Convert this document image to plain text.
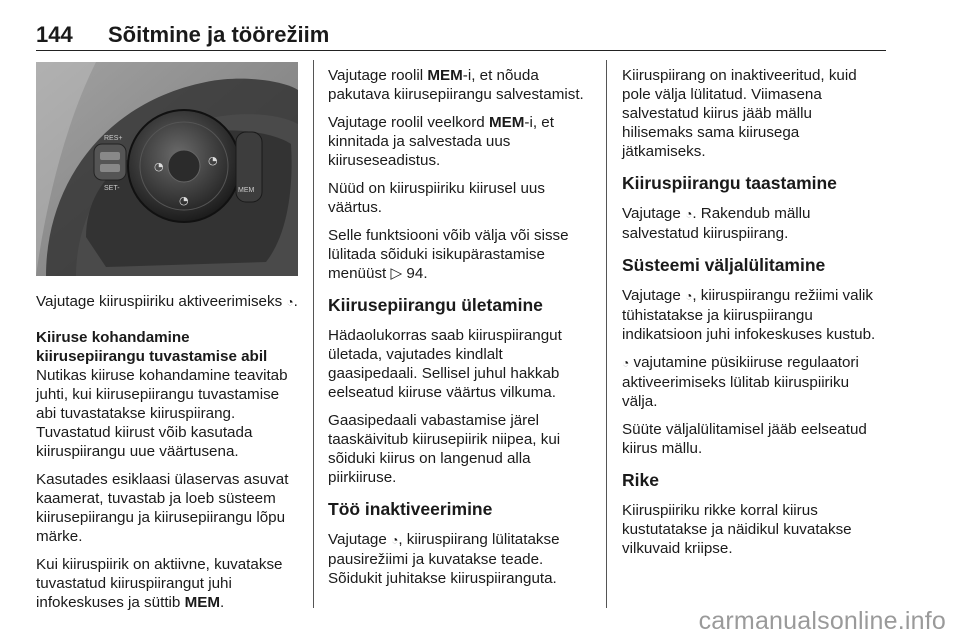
144 Sõitmine ja töörežiim
RES+
SET-
◔	◔
◔
MEM

Vajutage kiiruspiiriku aktiveerimiseks ◔.

Kiiruse kohandamine kiirusepiirangu tuvastamise abil

Nutikas kiiruse kohandamine teavitab juhti, kui kiirusepiirangu tuvastamise abi tuvastatakse kiiruspiirang. Tuvastatud kiirust võib kasutada kiiruspiirangu uue väärtusena.

Kasutades esiklaasi ülaservas asuvat kaamerat, tuvastab ja loeb süsteem kiirusepiirangu ja kiirusepiirangu lõpu märke.

Kui kiiruspiirik on aktiivne, kuvatakse tuvastatud kiiruspiirangut juhi infokeskuses ja süttib MEM.

Vajutage roolil MEM-i, et nõuda pakutava kiirusepiirangu salvestamist.

Vajutage roolil veelkord MEM-i, et kinnitada ja salvestada uus kiiruseseadistus.

Nüüd on kiiruspiiriku kiirusel uus väärtus.

Selle funktsiooni võib välja või sisse lülitada sõiduki isikupärastamise menüüst ▷ 94.

Kiirusepiirangu ületamine

Hädaolukorras saab kiiruspiirangut ületada, vajutades kindlalt gaasipedaali. Sellisel juhul hakkab eelseatud kiiruse väärtus vilkuma.

Gaasipedaali vabastamise järel taaskäivitub kiirusepiirik niipea, kui sõiduki kiirus on langenud alla piirkiiruse.

Töö inaktiveerimine

Vajutage ◔, kiiruspiirang lülitatakse pausirežiimi ja kuvatakse teade. Sõidukit juhitakse kiiruspiiranguta.

Kiiruspiirang on inaktiveeritud, kuid pole välja lülitatud. Viimasena salvestatud kiirus jääb mällu hilisemaks sama kiirusega jätkamiseks.

Kiiruspiirangu taastamine

Vajutage ◔. Rakendub mällu salvestatud kiiruspiirang.

Süsteemi väljalülitamine

Vajutage ◔, kiiruspiirangu režiimi valik tühistatakse ja kiiruspiirangu indikatsioon juhi infokeskuses kustub.

◔ vajutamine püsikiiruse regulaatori aktiveerimiseks lülitab kiiruspiiriku välja.

Süüte väljalülitamisel jääb eelseatud kiirus mällu.

Rike

Kiiruspiiriku rikke korral kiirus kustutatakse ja näidikul kuvatakse vilkuvaid kriipse.

carmanualsonline.info
